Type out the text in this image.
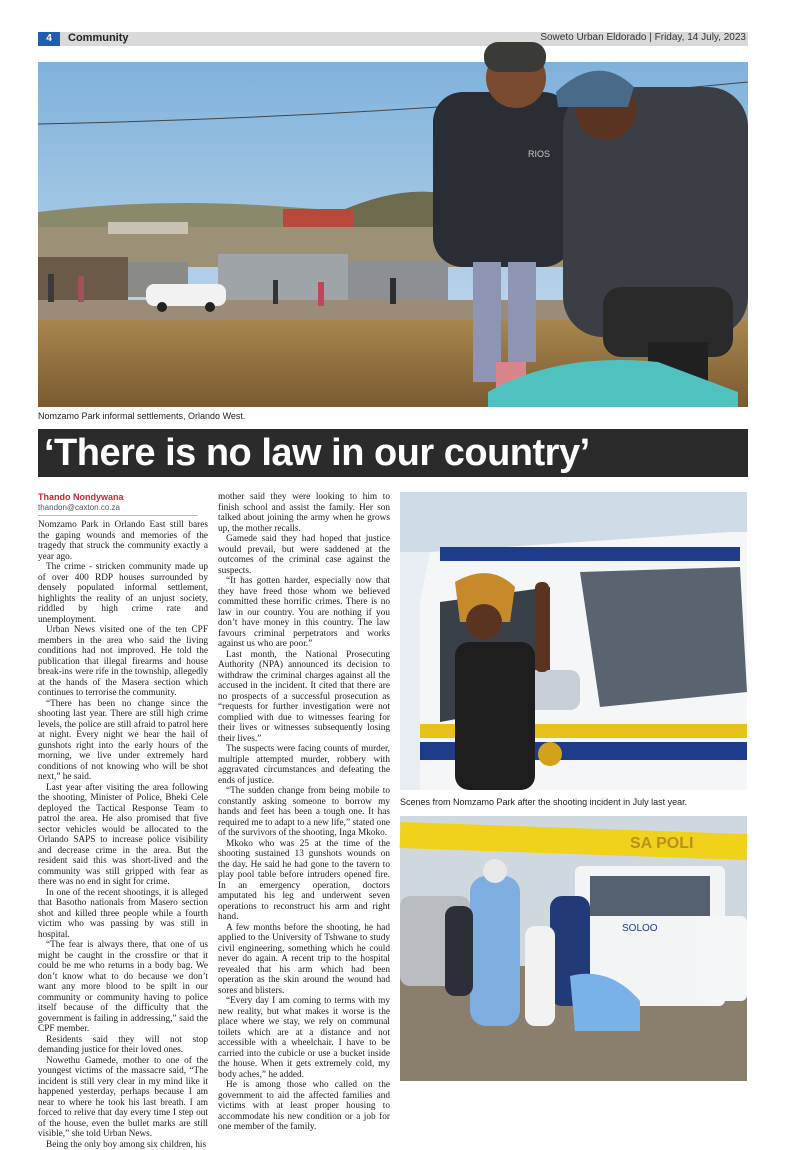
4	Community	Soweto Urban Eldorado | Friday, 14 July, 2023
RIOS
Nomzamo Park informal settlements, Orlando West.
‘There is no law in our country’
Thando Nondywana
thandon@caxton.co.za

Nomzamo Park in Orlando East still bares the gaping wounds and memories of the tragedy that struck the community exactly a year ago.

The crime - stricken community made up of over 400 RDP houses surrounded by densely populated informal settlement, highlights the reality of an unjust society, riddled by high crime rate and unemployment.

Urban News visited one of the ten CPF members in the area who said the living conditions had not improved. He told the publication that illegal firearms and house break-ins were rife in the township, allegedly at the hands of the Masera section which continues to terrorise the community.

“There has been no change since the shooting last year. There are still high crime levels, the police are still afraid to patrol here at night. Every night we hear the hail of gunshots right into the early hours of the morning, we live under extremely hard conditions of not knowing who will be shot next,” he said.

Last year after visiting the area following the shooting, Minister of Police, Bheki Cele deployed the Tactical Response Team to patrol the area. He also promised that five sector vehicles would be allocated to the Orlando SAPS to increase police visibility and decrease crime in the area. But the resident said this was short-lived and the community was still gripped with fear as there was no end in sight for crime.

In one of the recent shootings, it is alleged that Basotho nationals from Masero section shot and killed three people while a fourth victim who was passing by was still in hospital.

“The fear is always there, that one of us might be caught in the crossfire or that it could be me who returns in a body bag. We don’t know what to do because we don’t want any more blood to be spilt in our community or community having to police itself because of the difficulty that the government is failing in addressing,” said the CPF member.

Residents said they will not stop demanding justice for their loved ones.

Nowethu Gamede, mother to one of the youngest victims of the massacre said, “The incident is still very clear in my mind like it happened yesterday, perhaps because I am near to where he took his last breath. I am forced to relive that day every time I step out of the house, even the bullet marks are still visible,” she told Urban News.

Being the only boy among six children, his

mother said they were looking to him to finish school and assist the family. Her son talked about joining the army when he grows up, the mother recalls.

Gamede said they had hoped that justice would prevail, but were saddened at the outcomes of the criminal case against the suspects.

“It has gotten harder, especially now that they have freed those whom we believed committed these horrific crimes. There is no law in our country. You are nothing if you don’t have money in this country. The law favours criminal perpetrators and works against us who are poor.”

Last month, the National Prosecuting Authority (NPA) announced its decision to withdraw the criminal charges against all the accused in the incident. It cited that there are no prospects of a successful prosecution as “requests for further investigation were not complied with due to witnesses fearing for their lives or witnesses subsequently losing their lives.”

The suspects were facing counts of murder, multiple attempted murder, robbery with aggravated circumstances and defeating the ends of justice.

“The sudden change from being mobile to constantly asking someone to borrow my hands and feet has been a tough one. It has required me to adapt to a new life,” stated one of the survivors of the shooting, Inga Mkoko.

Mkoko who was 25 at the time of the shooting sustained 13 gunshots wounds on the day. He said he had gone to the tavern to play pool table before intruders opened fire. In an emergency operation, doctors amputated his leg and underwent seven operations to reconstruct his arm and right hand.

A few months before the shooting, he had applied to the University of Tshwane to study civil engineering, something which he could never do again. A recent trip to the hospital revealed that his arm which had been operation as the skin around the wound had sores and blisters.

“Every day I am coming to terms with my new reality, but what makes it worse is the place where we stay, we rely on communal toilets which are at a distance and not accessible with a wheelchair. I have to be carried into the cubicle or use a bucket inside the house. When it gets extremely cold, my body aches,” he added.

He is among those who called on the government to aid the affected families and victims with at least proper housing to accommodate his new condition or a job for one member of the family.

Scenes from Nomzamo Park after the shooting incident in July last year.
SA POLI
SOLOO
